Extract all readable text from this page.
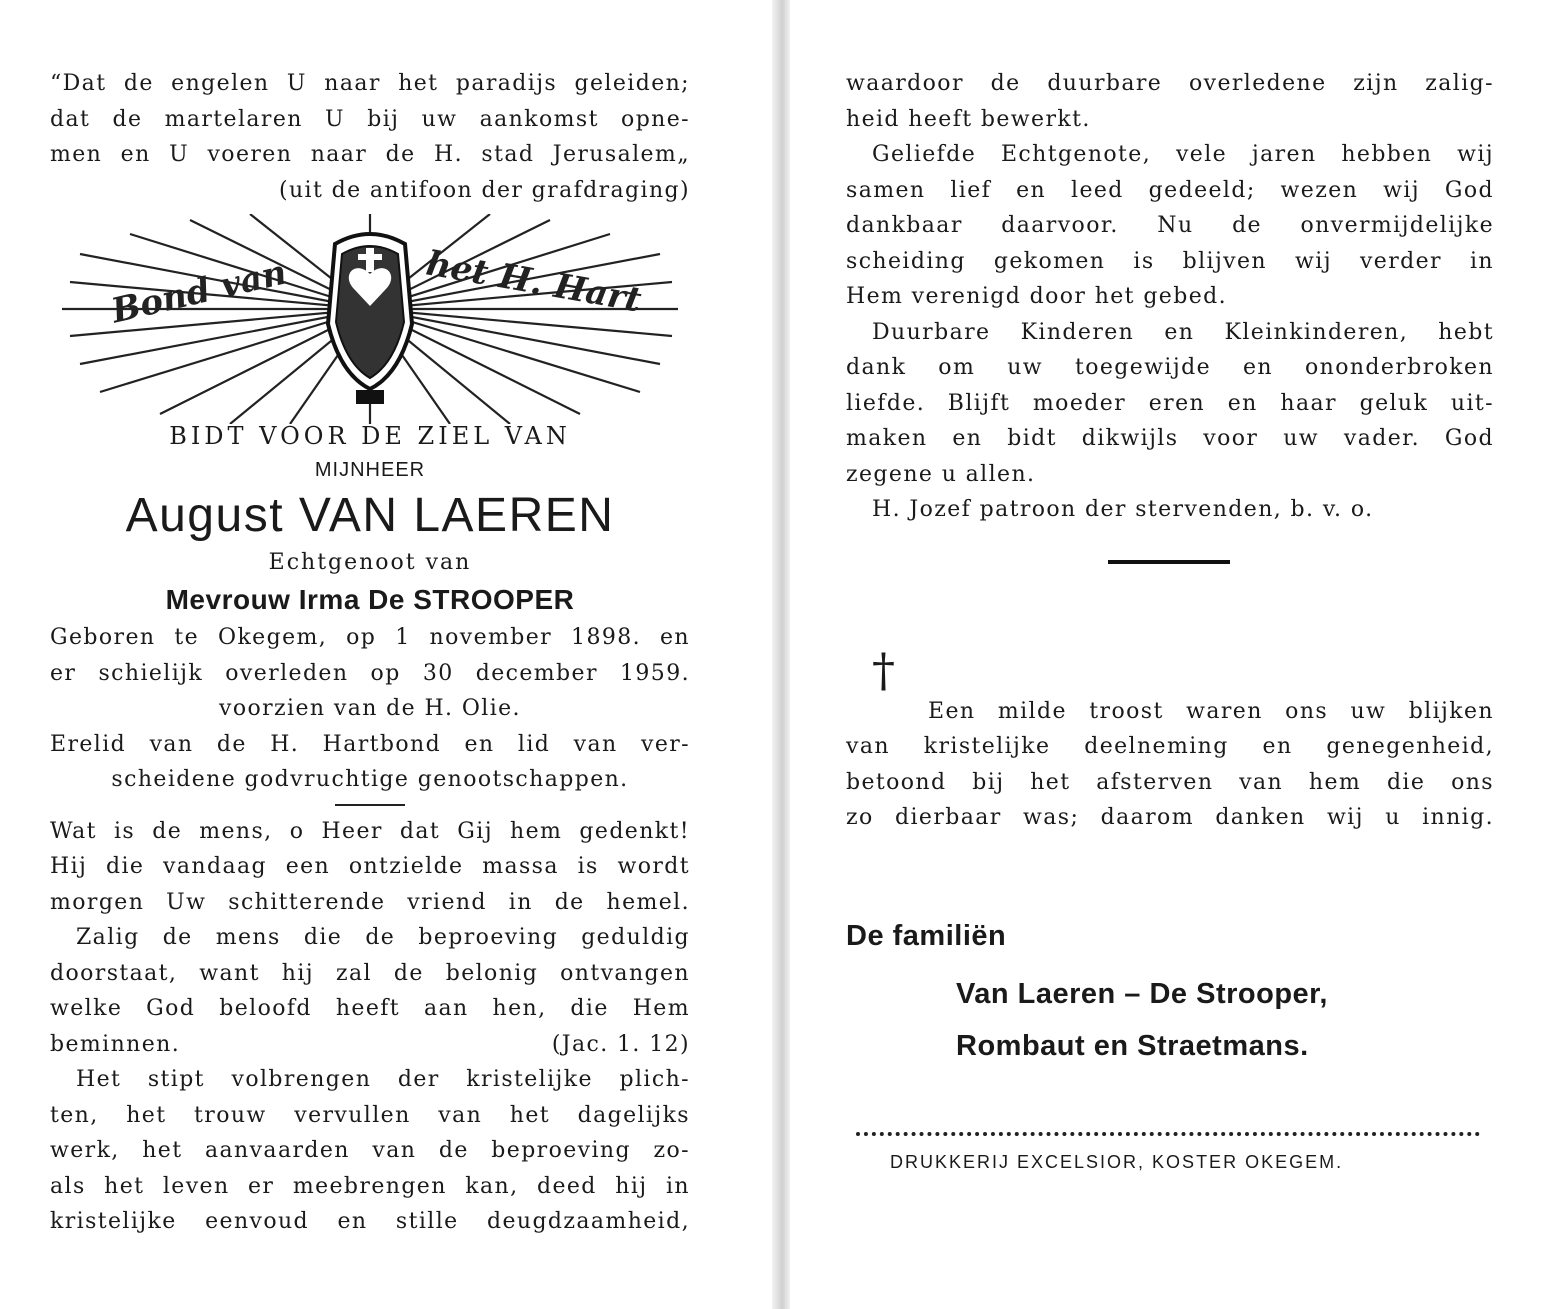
“Dat de engelen U naar het paradijs geleiden;
dat de martelaren U bij uw aankomst opne-
men en U voeren naar de H. stad Jerusalem„
(uit de antifoon der grafdraging)
Bond van	het H. Hart
BIDT VOOR DE ZIEL VAN
MIJNHEER
August VAN LAEREN
Echtgenoot van
Mevrouw Irma De STROOPER
Geboren te Okegem, op 1 november 1898. en
er schielijk overleden op 30 december 1959.
voorzien van de H. Olie.
Erelid van de H. Hartbond en lid van ver-
scheidene godvruchtige genootschappen.
Wat is de mens, o Heer dat Gij hem gedenkt!
Hij die vandaag een ontzielde massa is wordt
morgen Uw schitterende vriend in de hemel.
Zalig de mens die de beproeving geduldig
doorstaat, want hij zal de belonig ontvangen
welke God beloofd heeft aan hen, die Hem
beminnen.	(Jac. 1. 12)
Het stipt volbrengen der kristelijke plich-
ten, het trouw vervullen van het dagelijks
werk, het aanvaarden van de beproeving zo-
als het leven er meebrengen kan, deed hij in
kristelijke eenvoud en stille deugdzaamheid,
waardoor de duurbare overledene zijn zalig-
heid heeft bewerkt.
Geliefde Echtgenote, vele jaren hebben wij
samen lief en leed gedeeld; wezen wij God
dankbaar daarvoor. Nu de onvermijdelijke
scheiding gekomen is blijven wij verder in
Hem verenigd door het gebed.
Duurbare Kinderen en Kleinkinderen, hebt
dank om uw toegewijde en ononderbroken
liefde. Blijft moeder eren en haar geluk uit-
maken en bidt dikwijls voor uw vader. God
zegene u allen.
H. Jozef patroon der stervenden, b. v. o.
†
Een milde troost waren ons uw blijken
van kristelijke deelneming en genegenheid,
betoond bij het afsterven van hem die ons
zo dierbaar was; daarom danken wij u innig.
De familiën
Van Laeren – De Strooper,
Rombaut en Straetmans.
DRUKKERIJ EXCELSIOR, KOSTER OKEGEM.
